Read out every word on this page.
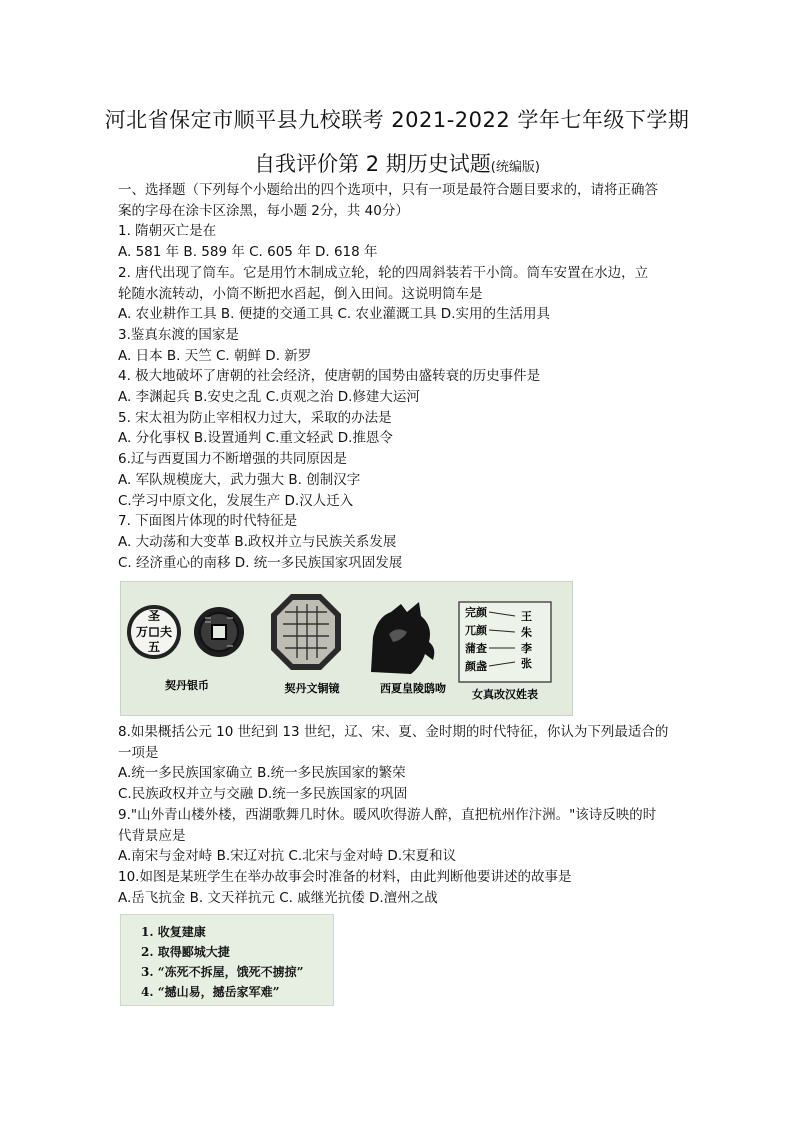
河北省保定市顺平县九校联考 2021-2022 学年七年级下学期
自我评价第 2 期历史试题(统编版)
一、选择题（下列每个小题给出的四个选项中，只有一项是最符合题目要求的，请将正确答
案的字母在涂卡区涂黑，每小题 2分，共 40分）
1. 隋朝灭亡是在
A. 581 年 B. 589 年 C. 605 年 D. 618 年
2. 唐代出现了筒车。它是用竹木制成立轮，轮的四周斜装若干小筒。筒车安置在水边，立
轮随水流转动，小筒不断把水舀起，倒入田间。这说明筒车是
A. 农业耕作工具 B. 便捷的交通工具 C. 农业灌溉工具 D.实用的生活用具
3.鉴真东渡的国家是
A. 日本 B. 天竺 C. 朝鲜 D. 新罗
4. 极大地破坏了唐朝的社会经济，使唐朝的国势由盛转衰的历史事件是
A. 李渊起兵 B.安史之乱 C.贞观之治 D.修建大运河
5. 宋太祖为防止宰相权力过大，采取的办法是
A. 分化事权 B.设置通判 C.重文轻武 D.推恩令
6.辽与西夏国力不断增强的共同原因是
A. 军队规模庞大，武力强大 B. 创制汉字
C.学习中原文化，发展生产 D.汉人迁入
7. 下面图片体现的时代特征是
A. 大动荡和大变革 B.政权并立与民族关系发展
C. 经济重心的南移 D. 统一多民族国家巩固发展
圣
夫
万
五
契丹银币	契丹文铜镜	西夏皇陵鸱吻
完颜
兀颜
蒲查
颜盏
王
朱
李
张
女真改汉姓表
8.如果概括公元 10 世纪到 13 世纪，辽、宋、夏、金时期的时代特征，你认为下列最适合的
一项是
A.统一多民族国家确立 B.统一多民族国家的繁荣
C.民族政权并立与交融 D.统一多民族国家的巩固
9."山外青山楼外楼，西湖歌舞几时休。暖风吹得游人醉，直把杭州作汴洲。"该诗反映的时
代背景应是
A.南宋与金对峙 B.宋辽对抗 C.北宋与金对峙 D.宋夏和议
10.如图是某班学生在举办故事会时准备的材料，由此判断他要讲述的故事是
A.岳飞抗金 B. 文天祥抗元 C. 戚继光抗倭 D.澶州之战
1. 收复建康
2. 取得郾城大捷
3. “冻死不拆屋，饿死不掳掠”
4. “撼山易，撼岳家军难”
